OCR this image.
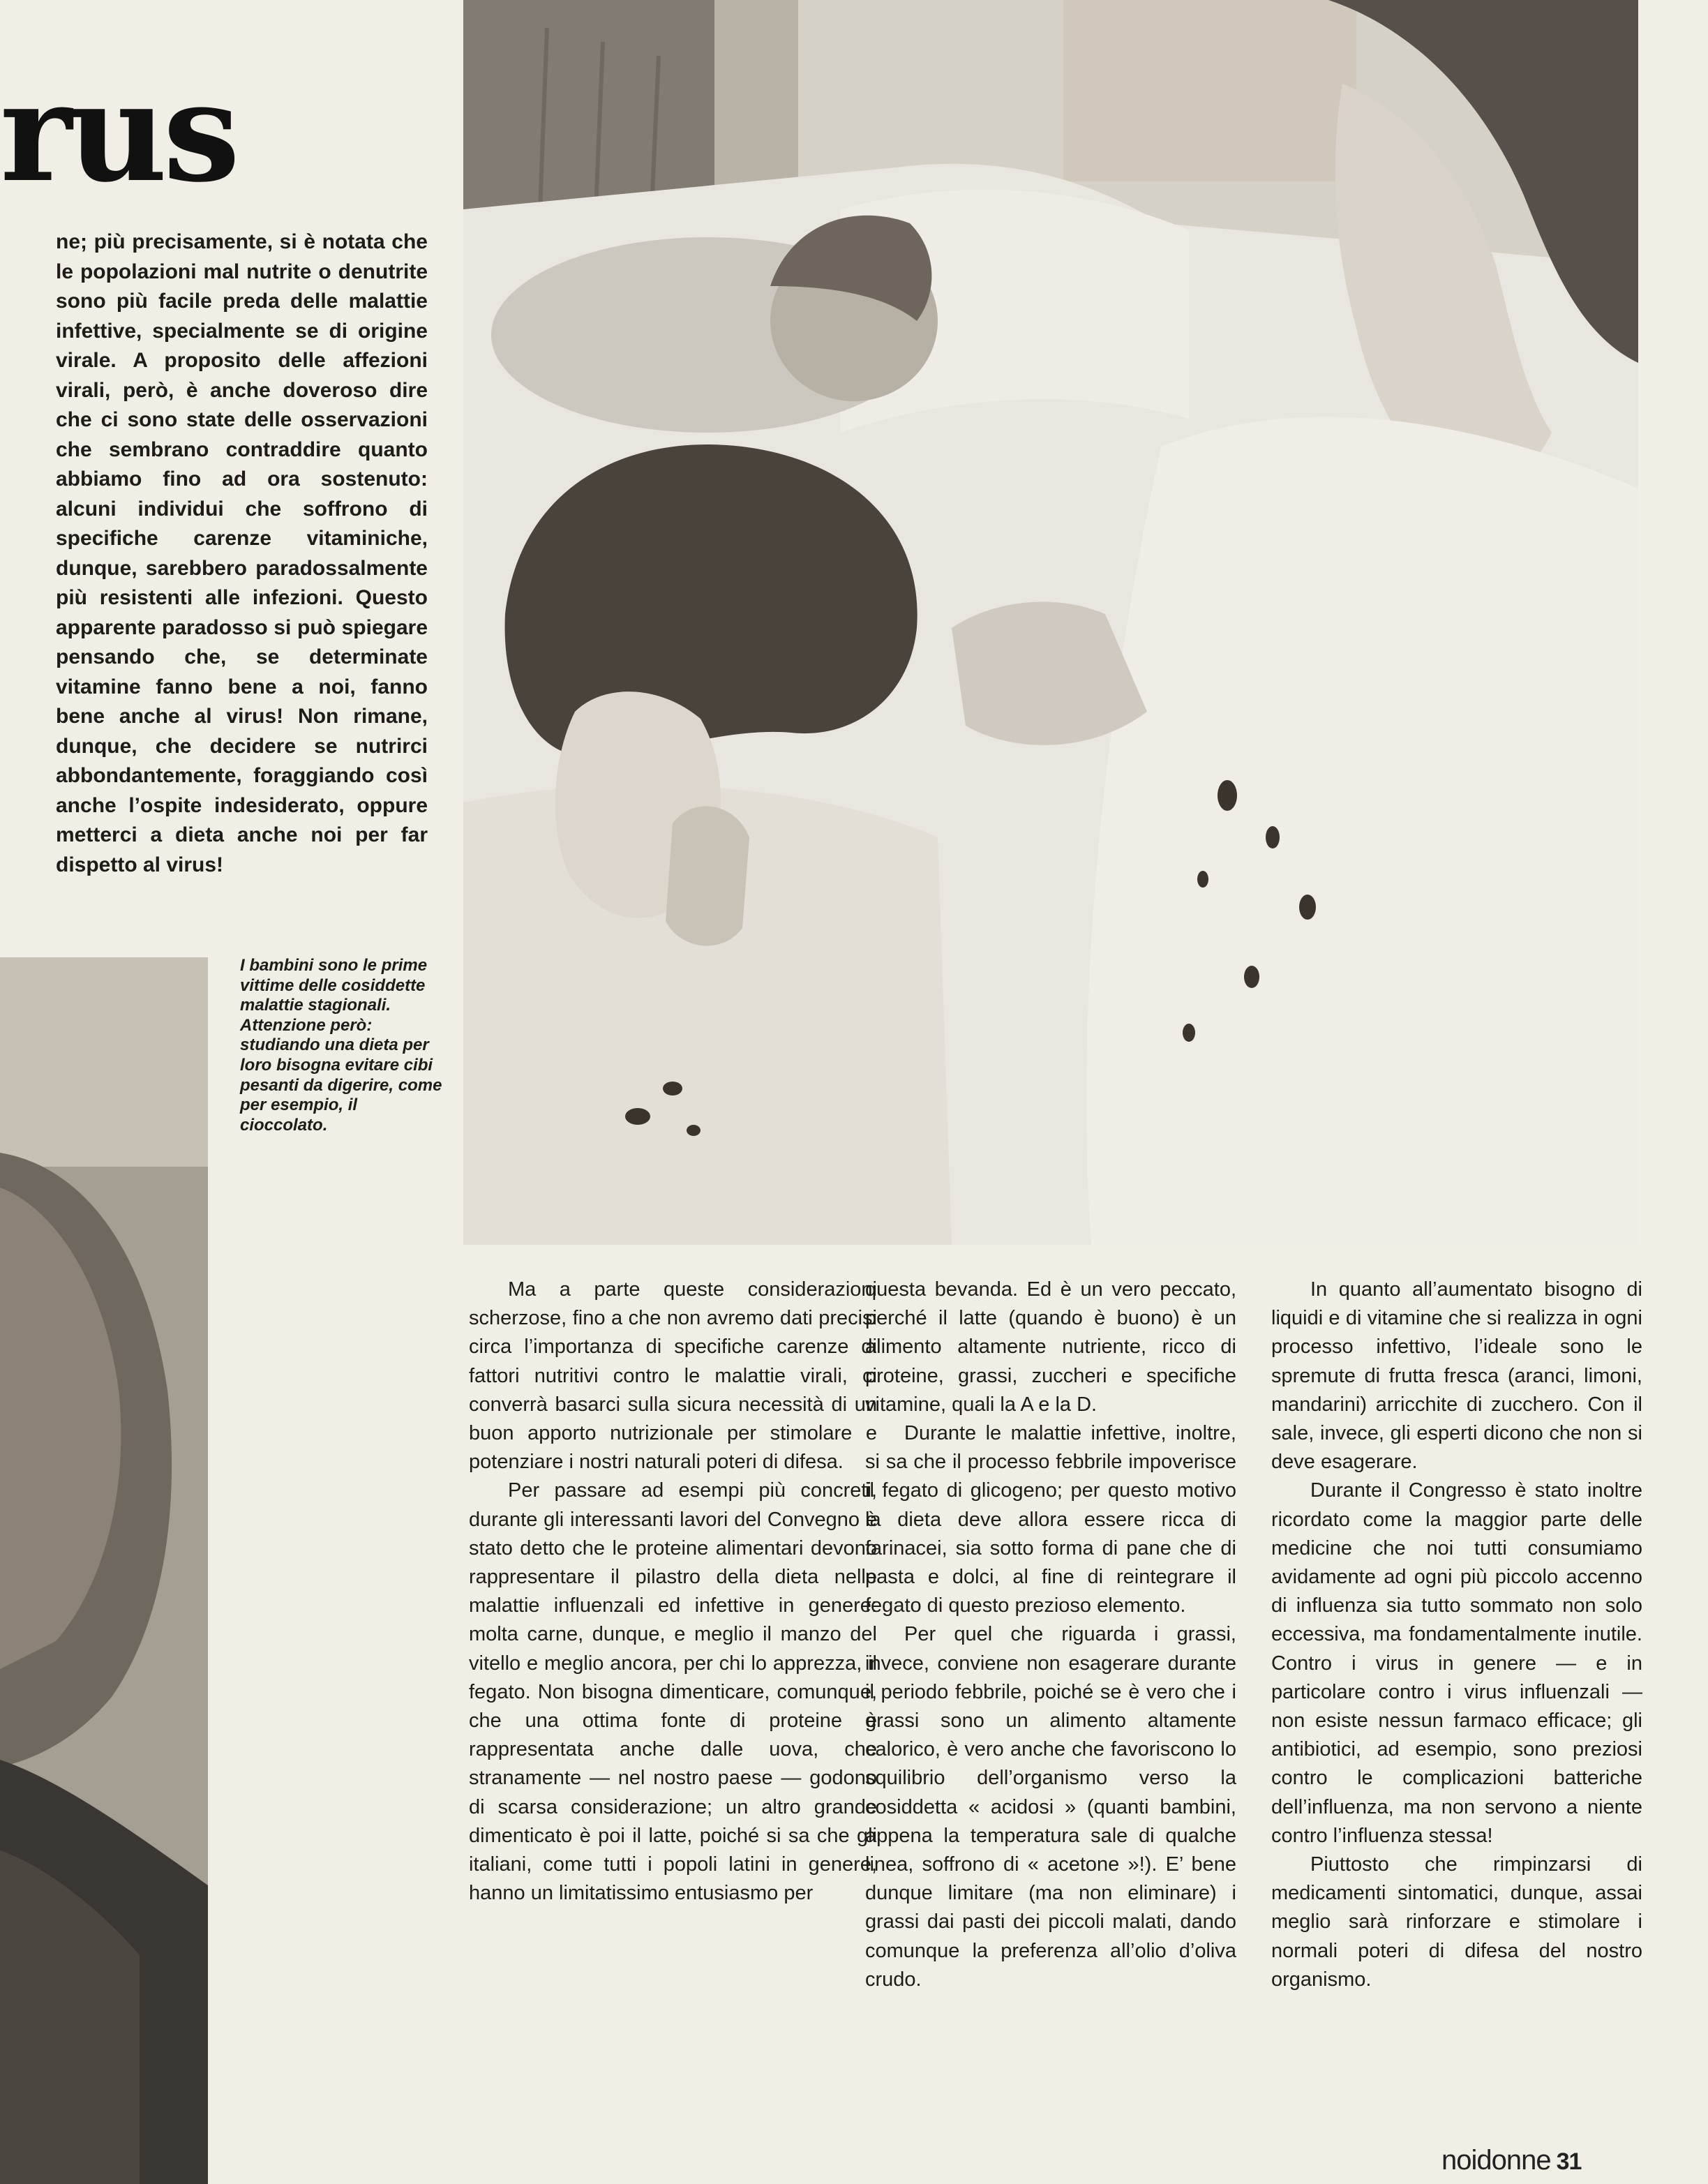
rus

ne; più precisamente, si è notata che le popolazioni mal nutrite o denutrite sono più facile preda delle malattie infettive, specialmente se di origine virale. A proposito delle affezioni virali, però, è anche doveroso dire che ci sono state delle osservazioni che sembrano contraddire quanto abbiamo fino ad ora sostenuto: alcuni individui che soffrono di specifiche carenze vitaminiche, dunque, sarebbero paradossalmente più resistenti alle infezioni. Questo apparente paradosso si può spiegare pensando che, se determinate vitamine fanno bene a noi, fanno bene anche al virus! Non rimane, dunque, che decidere se nutrirci abbondantemente, foraggiando così anche l’ospite indesiderato, oppure metterci a dieta anche noi per far dispetto al virus!

I bambini sono le prime vittime delle cosiddette malattie stagionali. Attenzione però: studiando una dieta per loro bisogna evitare cibi pesanti da digerire, come per esempio, il cioccolato.

Ma a parte queste considerazioni scherzose, fino a che non avremo dati precisi circa l’importanza di specifiche carenze di fattori nutritivi contro le malattie virali, ci converrà basarci sulla sicura necessità di un buon apporto nutrizionale per stimolare e potenziare i nostri naturali poteri di difesa.

Per passare ad esempi più concreti, durante gli interessanti lavori del Convegno è stato detto che le proteine alimentari devono rappresentare il pilastro della dieta nelle malattie influenzali ed infettive in genere: molta carne, dunque, e meglio il manzo del vitello e meglio ancora, per chi lo apprezza, il fegato. Non bisogna dimenticare, comunque, che una ottima fonte di proteine è rappresentata anche dalle uova, che stranamente — nel nostro paese — godono di scarsa considerazione; un altro grande dimenticato è poi il latte, poiché si sa che gli italiani, come tutti i popoli latini in genere, hanno un limitatissimo entusiasmo per

questa bevanda. Ed è un vero peccato, perché il latte (quando è buono) è un alimento altamente nutriente, ricco di proteine, grassi, zuccheri e specifiche vitamine, quali la A e la D.

Durante le malattie infettive, inoltre, si sa che il processo febbrile impoverisce il fegato di glicogeno; per questo motivo la dieta deve allora essere ricca di farinacei, sia sotto forma di pane che di pasta e dolci, al fine di reintegrare il fegato di questo prezioso elemento.

Per quel che riguarda i grassi, invece, conviene non esagerare durante il periodo febbrile, poiché se è vero che i grassi sono un alimento altamente calorico, è vero anche che favoriscono lo squilibrio dell’organismo verso la cosiddetta « acidosi » (quanti bambini, appena la temperatura sale di qualche linea, soffrono di « acetone »!). E’ bene dunque limitare (ma non eliminare) i grassi dai pasti dei piccoli malati, dando comunque la preferenza all’olio d’oliva crudo.

In quanto all’aumentato bisogno di liquidi e di vitamine che si realizza in ogni processo infettivo, l’ideale sono le spremute di frutta fresca (aranci, limoni, mandarini) arricchite di zucchero. Con il sale, invece, gli esperti dicono che non si deve esagerare.

Durante il Congresso è stato inoltre ricordato come la maggior parte delle medicine che noi tutti consumiamo avidamente ad ogni più piccolo accenno di influenza sia tutto sommato non solo eccessiva, ma fondamentalmente inutile. Contro i virus in genere — e in particolare contro i virus influenzali — non esiste nessun farmaco efficace; gli antibiotici, ad esempio, sono preziosi contro le complicazioni batteriche dell’influenza, ma non servono a niente contro l’influenza stessa!

Piuttosto che rimpinzarsi di medicamenti sintomatici, dunque, assai meglio sarà rinforzare e stimolare i normali poteri di difesa del nostro organismo.

noidonne 31
